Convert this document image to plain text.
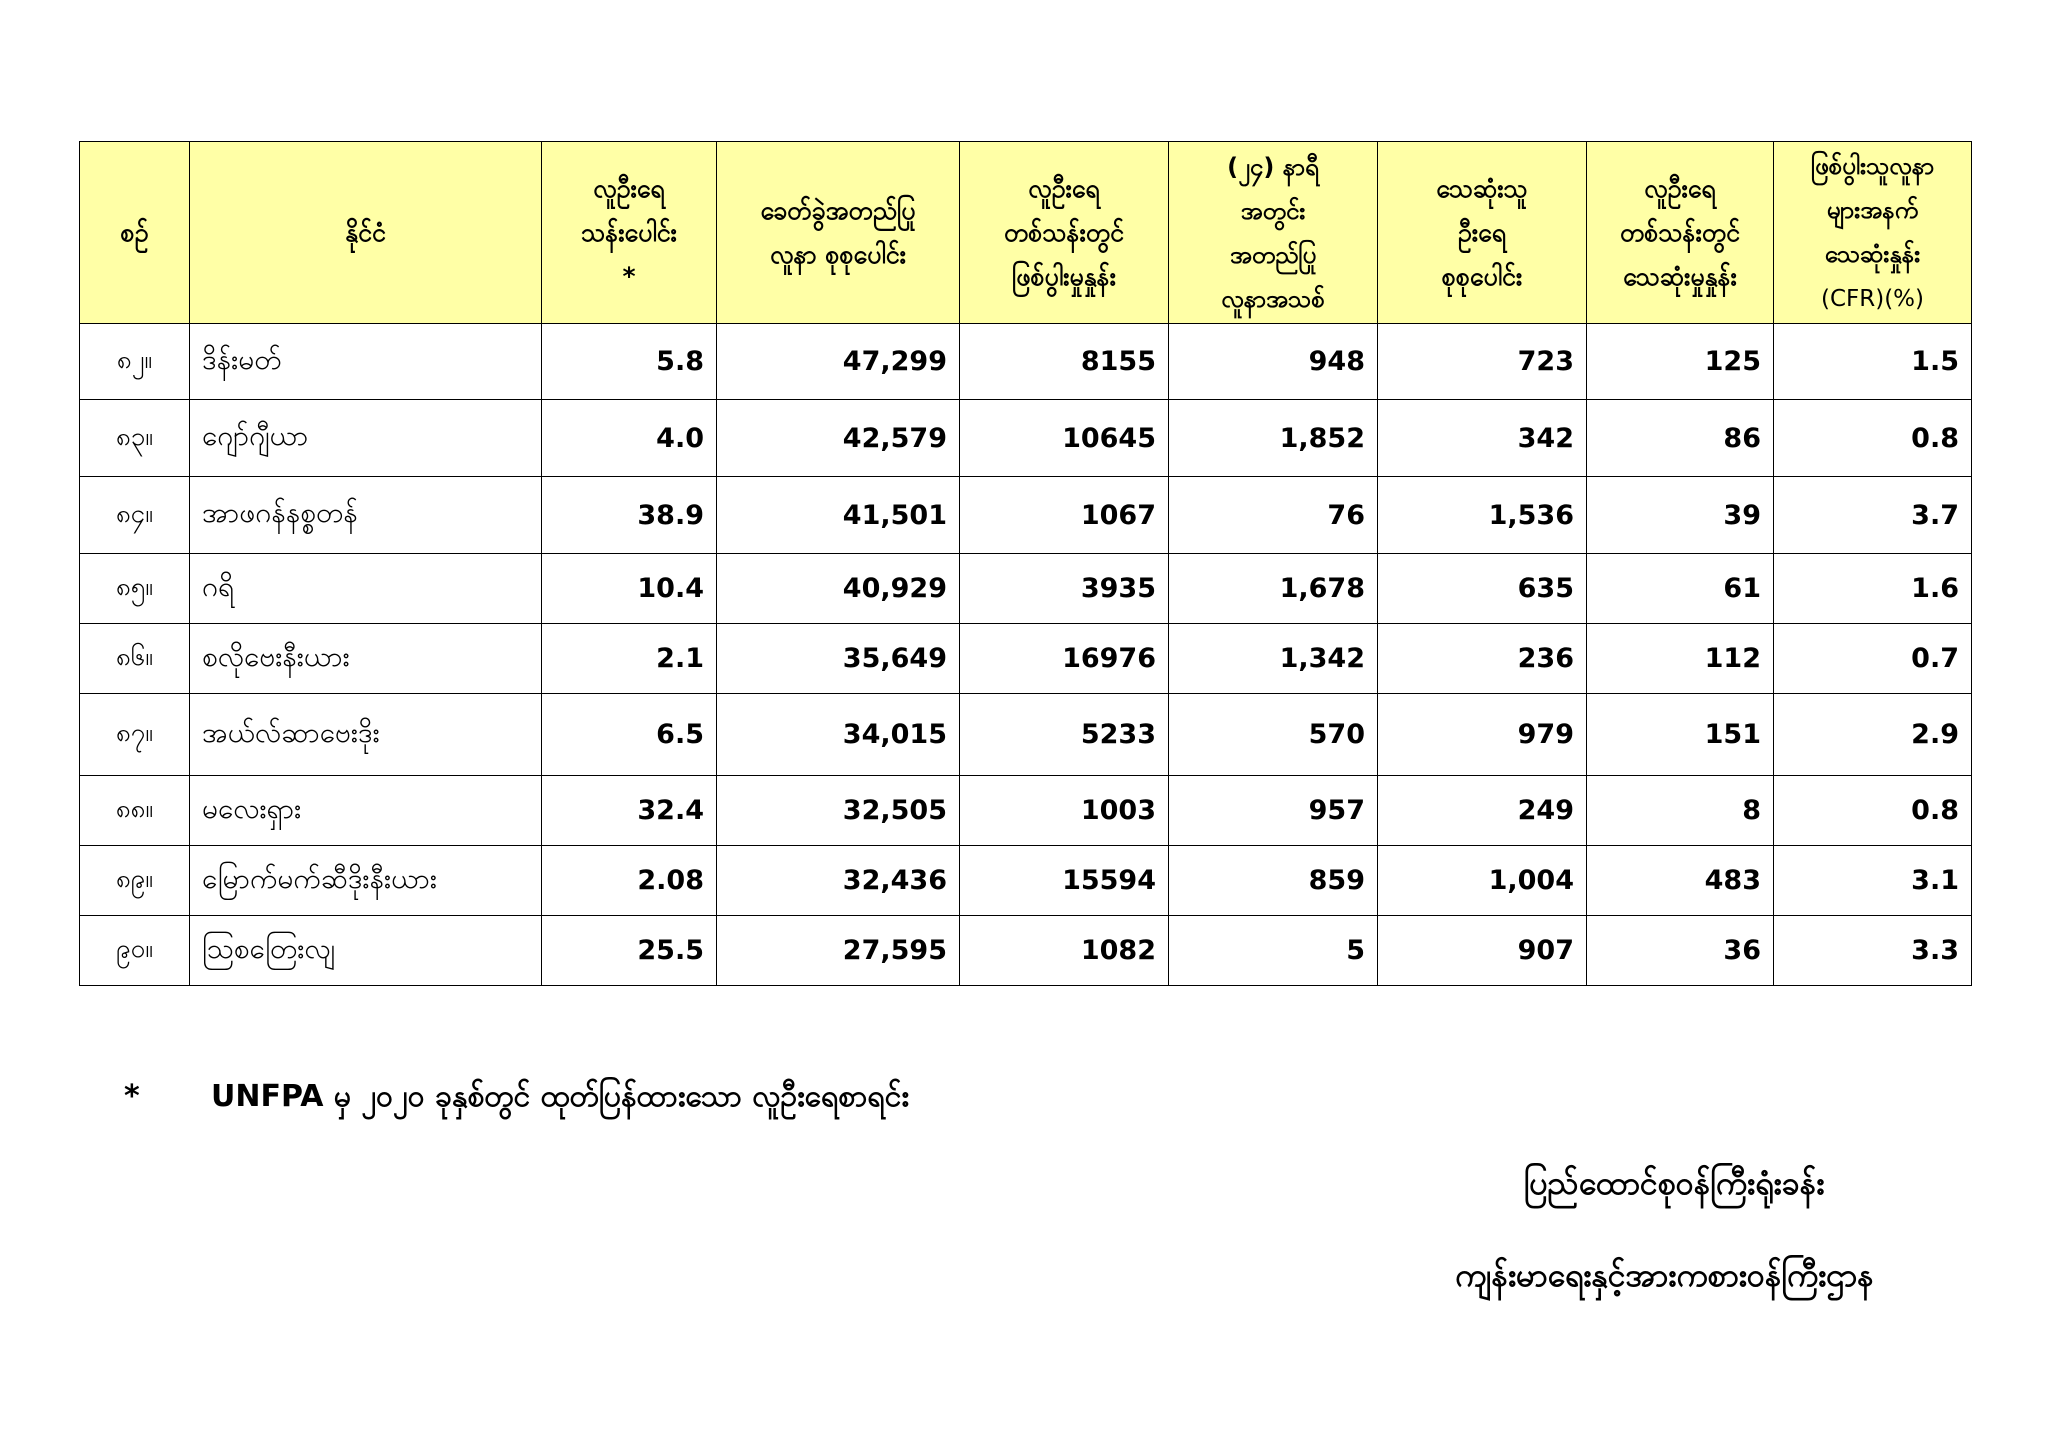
စဉ်	နိုင်ငံ	လူဦးရေ
သန်းပေါင်း
*	ခေတ်ခွဲအတည်ပြု
လူနာ စုစုပေါင်း	လူဦးရေ
တစ်သန်းတွင်
ဖြစ်ပွါးမှုနှုန်း	(၂၄) နာရီ
အတွင်း
အတည်ပြု
လူနာအသစ်	သေဆုံးသူ
ဦးရေ
စုစုပေါင်း	လူဦးရေ
တစ်သန်းတွင်
သေဆုံးမှုနှုန်း	ဖြစ်ပွါးသူလူနာ
များအနက်
သေဆုံးနှုန်း
(CFR)(%)
၈၂။	ဒိန်းမတ်	5.8	47,299	8155	948	723	125	1.5
၈၃။	ဂျော်ဂျီယာ	4.0	42,579	10645	1,852	342	86	0.8
၈၄။	အာဖဂန်နစ္စတန်	38.9	41,501	1067	76	1,536	39	3.7
၈၅။	ဂရိ	10.4	40,929	3935	1,678	635	61	1.6
၈၆။	စလိုဗေးနီးယား	2.1	35,649	16976	1,342	236	112	0.7
၈၇။	အယ်လ်ဆာဗေးဒိုး	6.5	34,015	5233	570	979	151	2.9
၈၈။	မလေးရှား	32.4	32,505	1003	957	249	8	0.8
၈၉။	မြောက်မက်ဆီဒိုးနီးယား	2.08	32,436	15594	859	1,004	483	3.1
၉၀။	သြစတြေးလျ	25.5	27,595	1082	5	907	36	3.3
* UNFPA မှ ၂၀၂၀ ခုနှစ်တွင် ထုတ်ပြန်ထားသော လူဦးရေစာရင်း
ပြည်ထောင်စုဝန်ကြီးရုံးခန်း
ကျန်းမာရေးနှင့်အားကစားဝန်ကြီးဌာန
